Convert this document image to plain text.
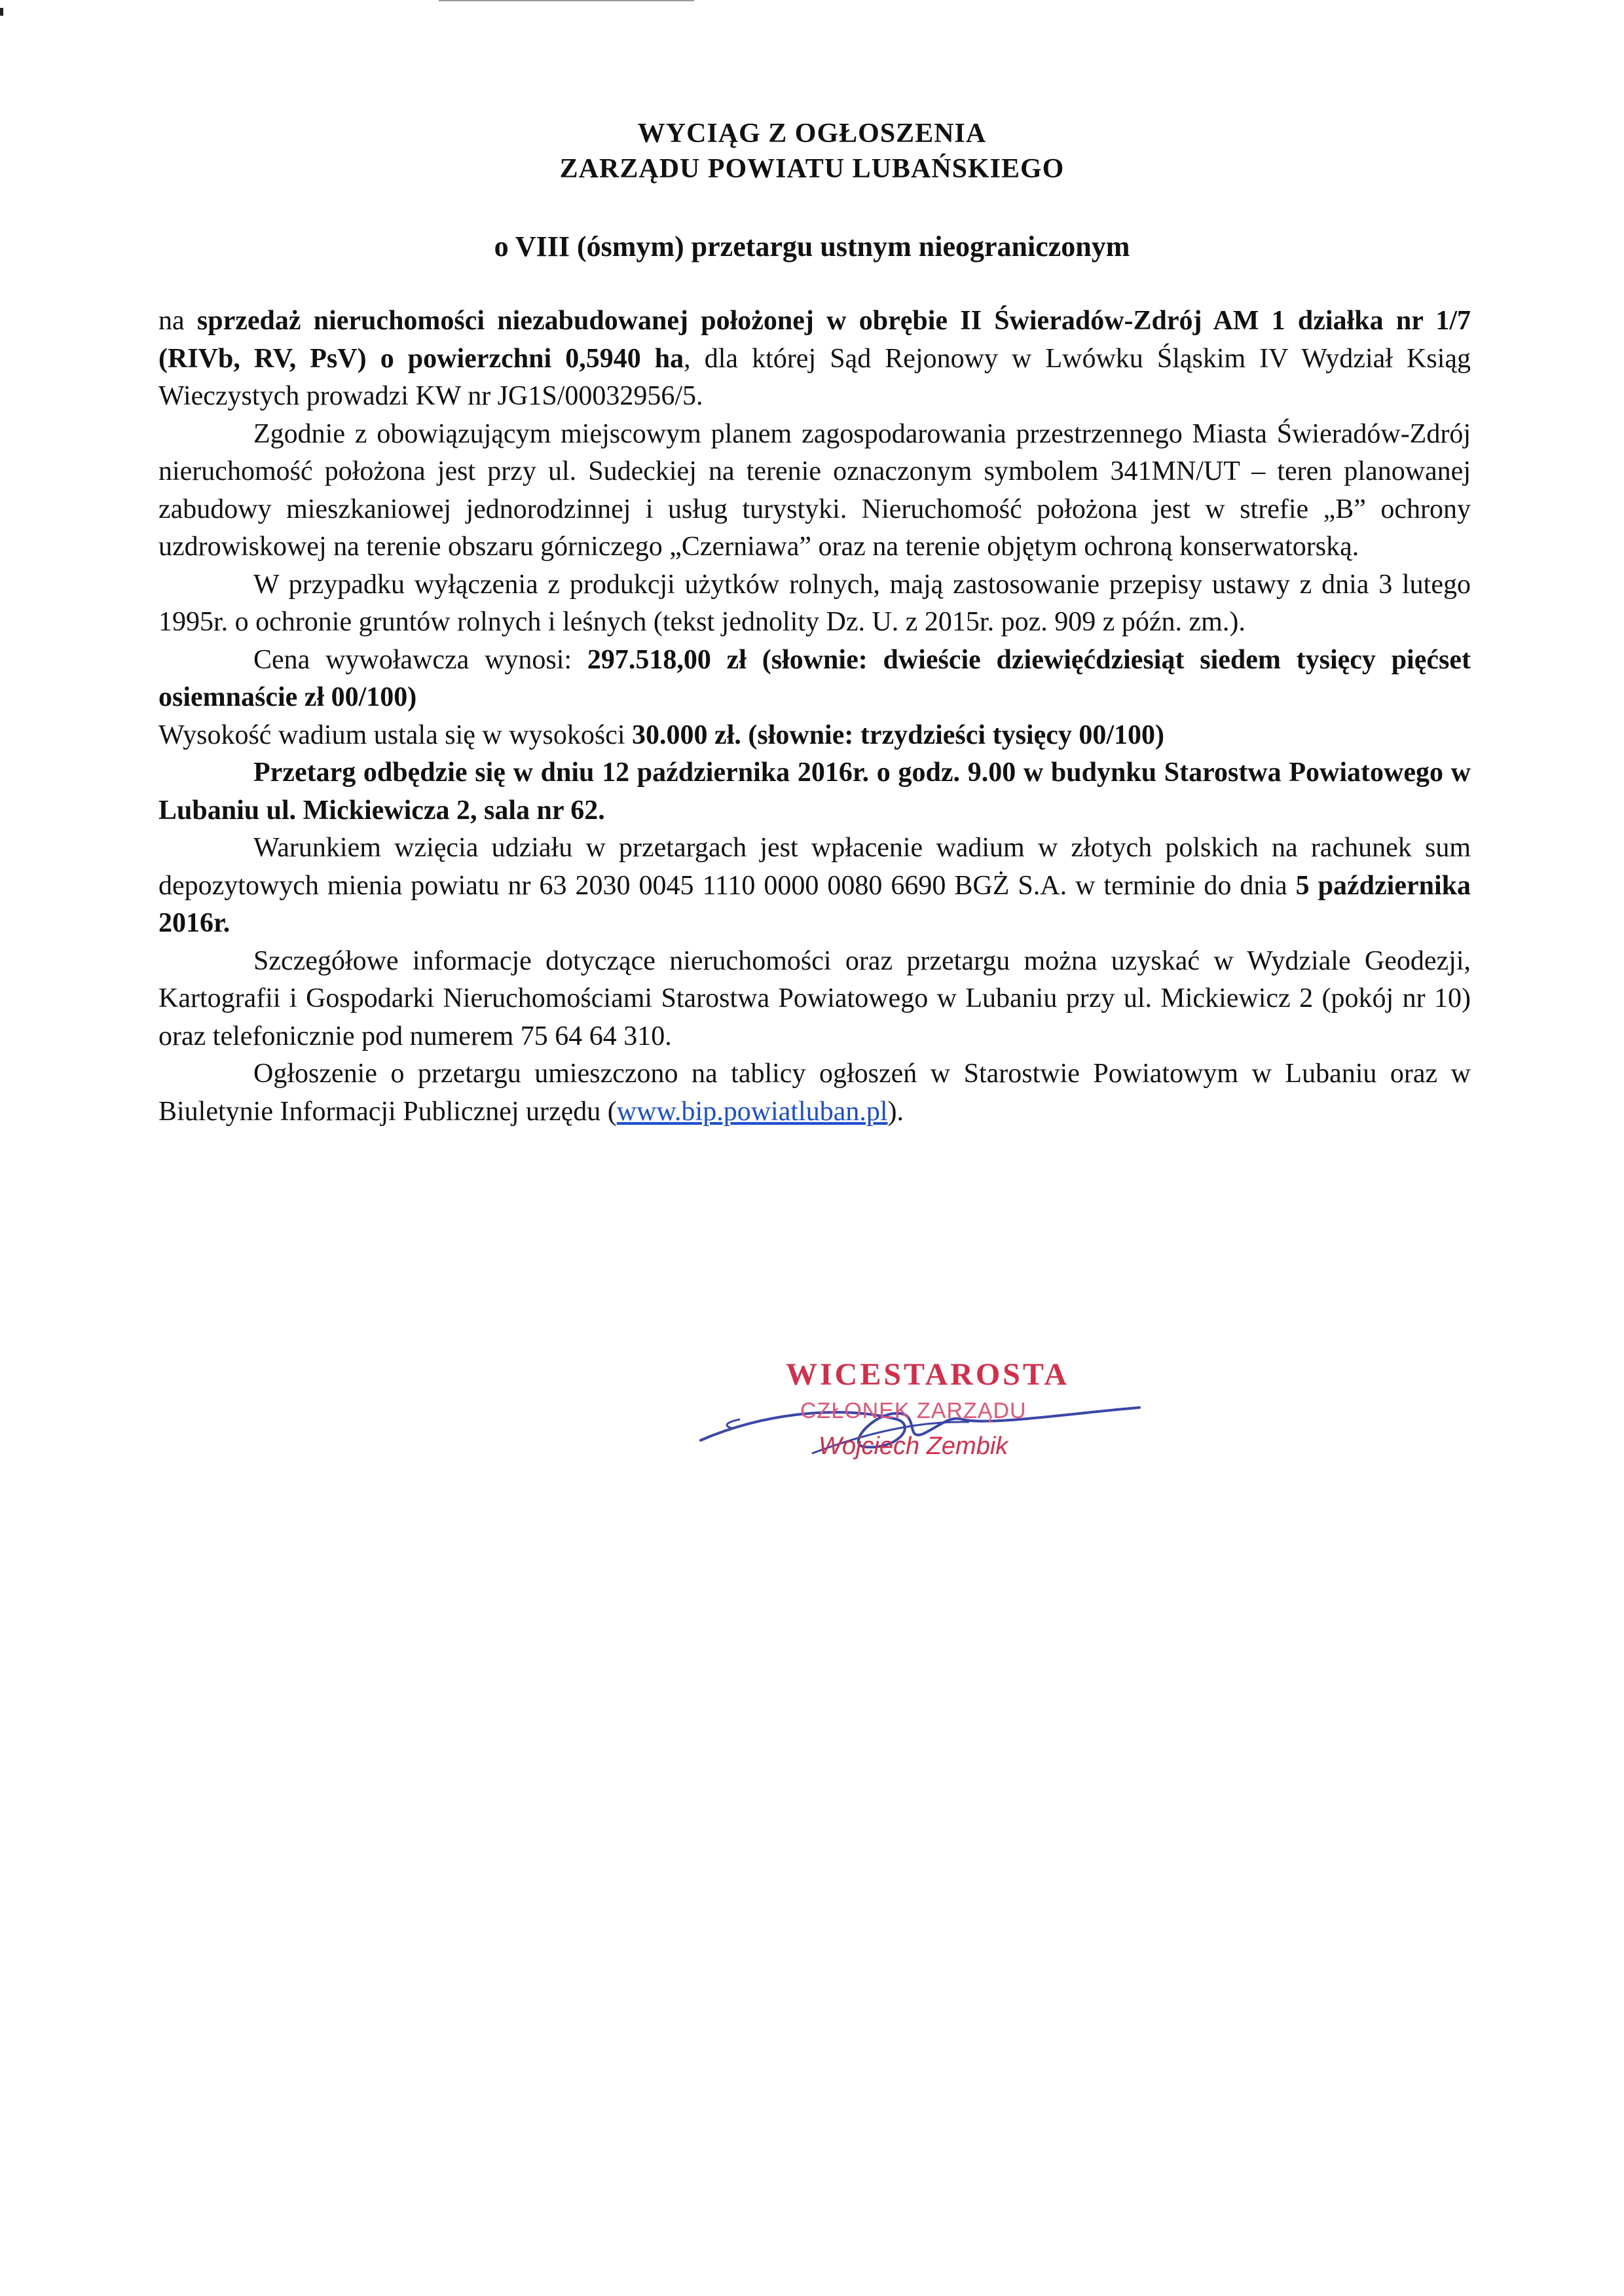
WYCIĄG Z OGŁOSZENIA
ZARZĄDU POWIATU LUBAŃSKIEGO
o VIII (ósmym) przetargu ustnym nieograniczonym

na sprzedaż nieruchomości niezabudowanej położonej w obrębie II Świeradów-Zdrój AM 1 działka nr 1/7 (RIVb, RV, PsV) o powierzchni 0,5940 ha, dla której Sąd Rejonowy w Lwówku Śląskim IV Wydział Ksiąg Wieczystych prowadzi KW nr JG1S/00032956/5.

Zgodnie z obowiązującym miejscowym planem zagospodarowania przestrzennego Miasta Świeradów-Zdrój nieruchomość położona jest przy ul. Sudeckiej na terenie oznaczonym symbolem 341MN/UT – teren planowanej zabudowy mieszkaniowej jednorodzinnej i usług turystyki. Nieruchomość położona jest w strefie „B” ochrony uzdrowiskowej na terenie obszaru górniczego „Czerniawa” oraz na terenie objętym ochroną konserwatorską.

W przypadku wyłączenia z produkcji użytków rolnych, mają zastosowanie przepisy ustawy z dnia 3 lutego 1995r. o ochronie gruntów rolnych i leśnych (tekst jednolity Dz. U. z 2015r. poz. 909 z późn. zm.).

Cena wywoławcza wynosi: 297.518,00 zł (słownie: dwieście dziewięćdziesiąt siedem tysięcy pięćset osiemnaście zł 00/100)

Wysokość wadium ustala się w wysokości 30.000 zł. (słownie: trzydzieści tysięcy 00/100)

Przetarg odbędzie się w dniu 12 października 2016r. o godz. 9.00 w budynku Starostwa Powiatowego w Lubaniu ul. Mickiewicza 2, sala nr 62.

Warunkiem wzięcia udziału w przetargach jest wpłacenie wadium w złotych polskich na rachunek sum depozytowych mienia powiatu nr 63 2030 0045 1110 0000 0080 6690 BGŻ S.A. w terminie do dnia 5 października 2016r.

Szczegółowe informacje dotyczące nieruchomości oraz przetargu można uzyskać w Wydziale Geodezji, Kartografii i Gospodarki Nieruchomościami Starostwa Powiatowego w Lubaniu przy ul. Mickiewicz 2 (pokój nr 10) oraz telefonicznie pod numerem 75 64 64 310.

Ogłoszenie o przetargu umieszczono na tablicy ogłoszeń w Starostwie Powiatowym w Lubaniu oraz w Biuletynie Informacji Publicznej urzędu (www.bip.powiatluban.pl).

WICESTAROSTA
CZŁONEK ZARZĄDU
Wojciech Zembik
